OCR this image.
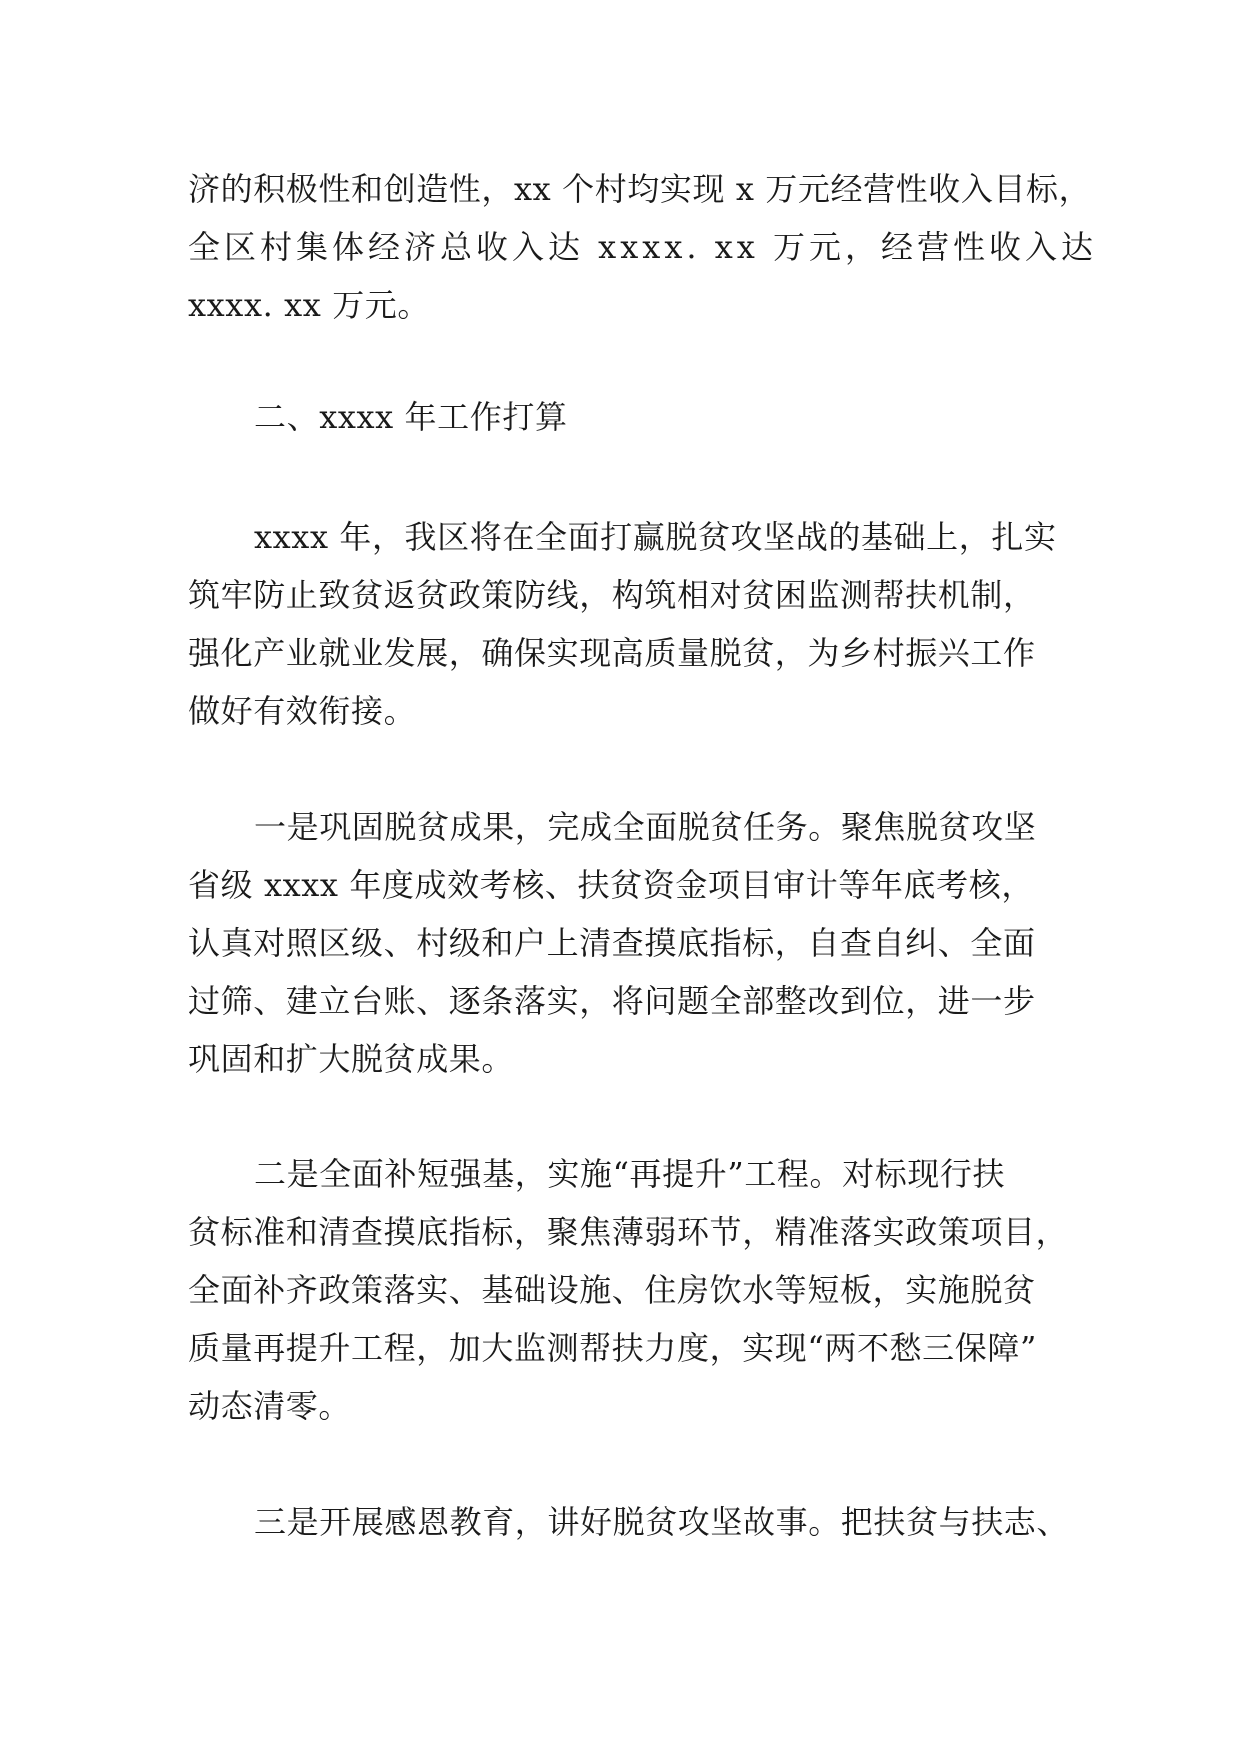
济的积极性和创造性，xx 个村均实现 x 万元经营性收入目标，
全区村集体经济总收入达 xxxx. xx 万元，经营性收入达
xxxx. xx 万元。
二、xxxx 年工作打算
xxxx 年，我区将在全面打赢脱贫攻坚战的基础上，扎实
筑牢防止致贫返贫政策防线，构筑相对贫困监测帮扶机制，
强化产业就业发展，确保实现高质量脱贫，为乡村振兴工作
做好有效衔接。
一是巩固脱贫成果，完成全面脱贫任务。聚焦脱贫攻坚
省级 xxxx 年度成效考核、扶贫资金项目审计等年底考核，
认真对照区级、村级和户上清查摸底指标，自查自纠、全面
过筛、建立台账、逐条落实，将问题全部整改到位，进一步
巩固和扩大脱贫成果。
二是全面补短强基，实施“再提升”工程。对标现行扶
贫标准和清查摸底指标，聚焦薄弱环节，精准落实政策项目，
全面补齐政策落实、基础设施、住房饮水等短板，实施脱贫
质量再提升工程，加大监测帮扶力度，实现“两不愁三保障”
动态清零。
三是开展感恩教育，讲好脱贫攻坚故事。把扶贫与扶志、
